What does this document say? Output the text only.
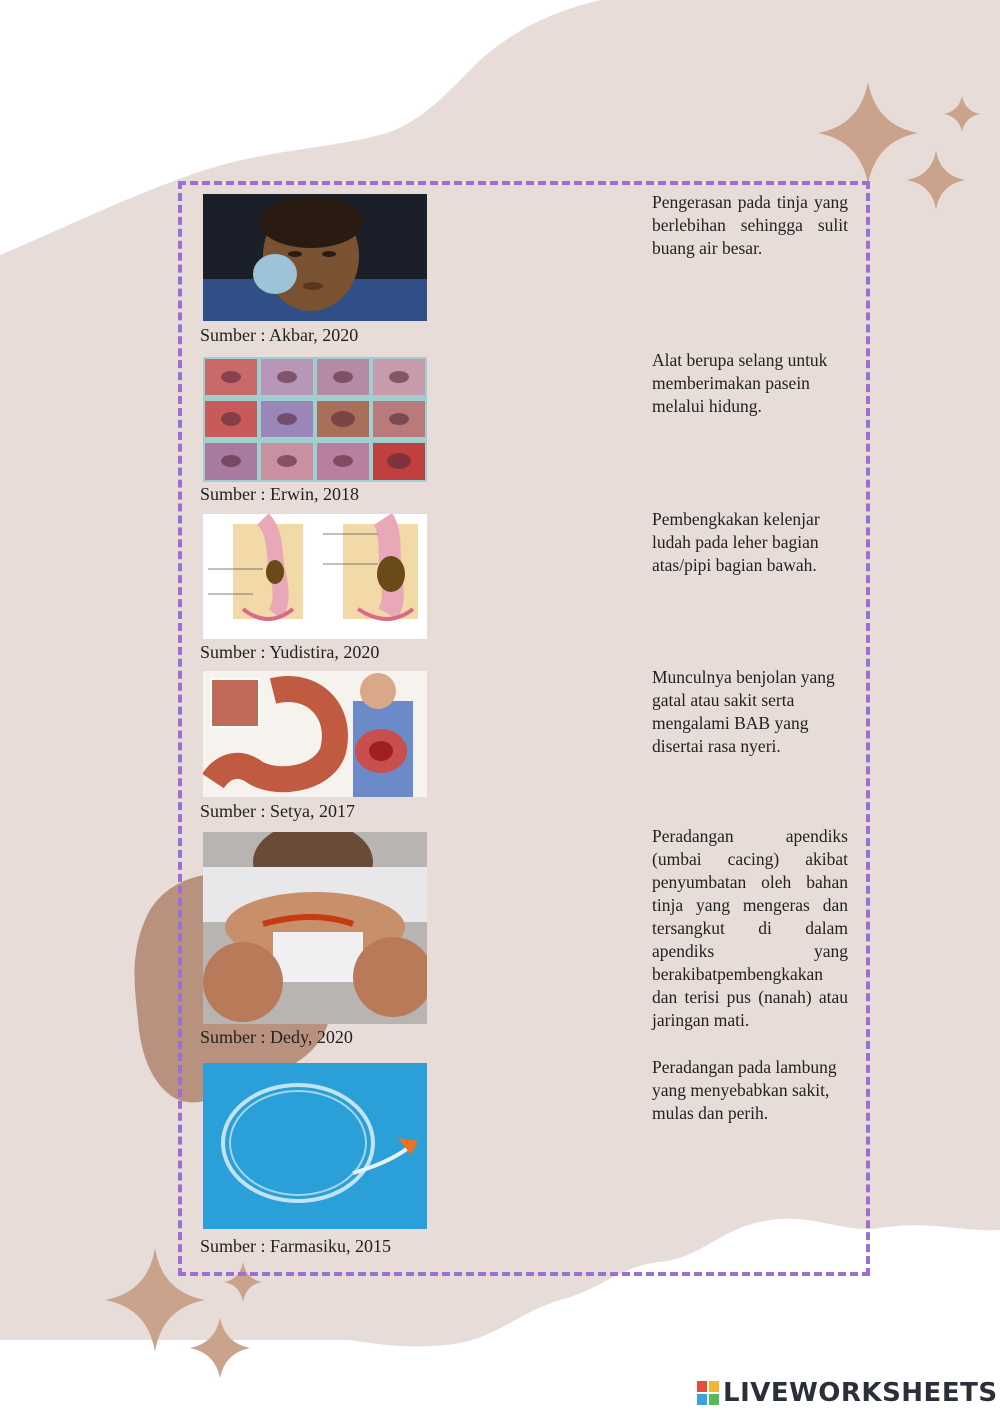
Sumber : Akbar, 2020
Sumber : Erwin, 2018
Sumber : Yudistira, 2020
Sumber : Setya, 2017
Sumber : Dedy, 2020
Sumber : Farmasiku, 2015
Pengerasan pada tinja yang berlebihan sehingga sulit buang air besar.
Alat berupa selang untuk memberimakan pasein melalui hidung.
Pembengkakan kelenjar ludah pada leher bagian atas/pipi bagian bawah.
Munculnya benjolan yang gatal atau sakit serta mengalami BAB yang disertai rasa nyeri.
Peradangan apendiks (umbai cacing) akibat penyumbatan oleh bahan tinja yang mengeras dan tersangkut di dalam apendiks yang berakibatpembengkakan dan terisi pus (nanah) atau jaringan mati.
Peradangan pada lambung yang menyebabkan sakit, mulas dan perih.
LIVEWORKSHEETS
